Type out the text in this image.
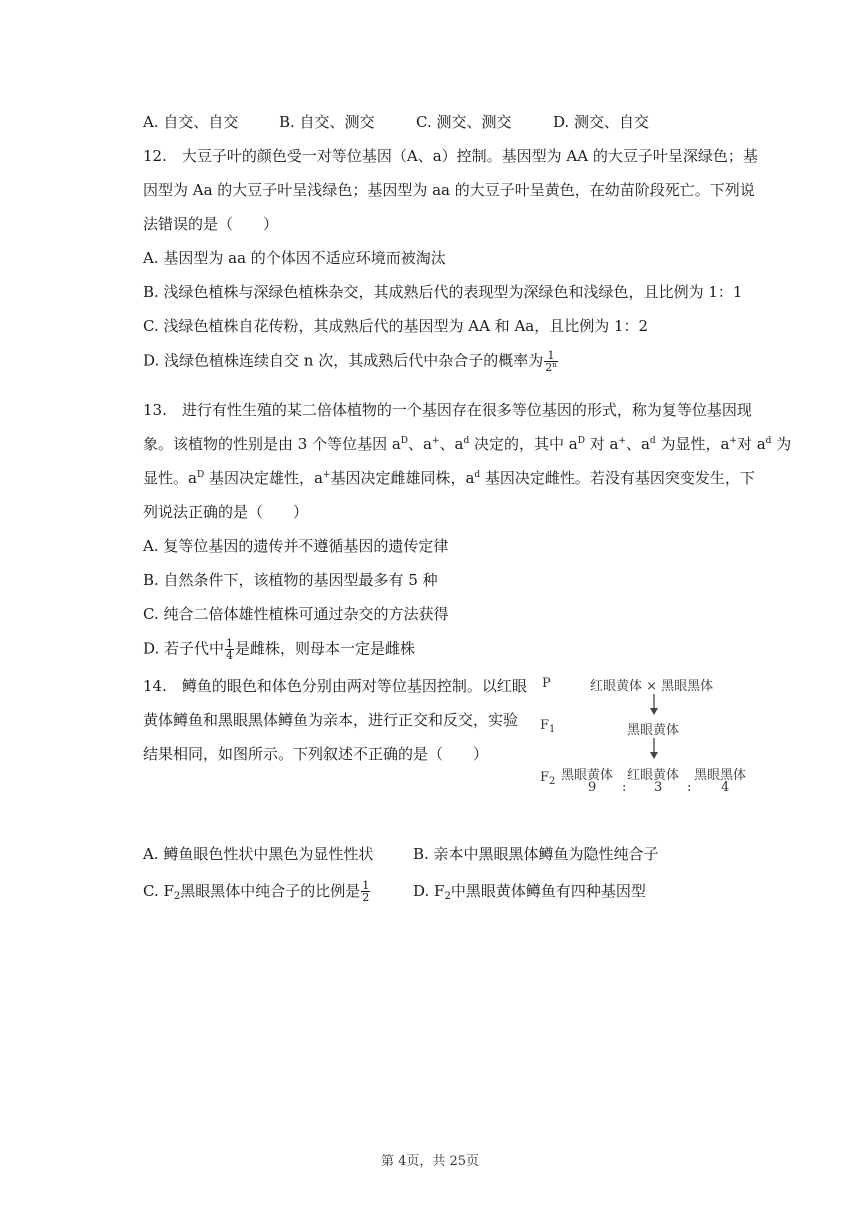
A. 自交、自交	B. 自交、测交	C. 测交、测交	D. 测交、自交
12.　大豆子叶的颜色受一对等位基因（A、a）控制。基因型为 AA 的大豆子叶呈深绿色；基
因型为 Aa 的大豆子叶呈浅绿色；基因型为 aa 的大豆子叶呈黄色，在幼苗阶段死亡。下列说
法错误的是（　　）
A. 基因型为 aa 的个体因不适应环境而被淘汰
B. 浅绿色植株与深绿色植株杂交，其成熟后代的表现型为深绿色和浅绿色，且比例为 1：1
C. 浅绿色植株自花传粉，其成熟后代的基因型为 AA 和 Aa，且比例为 1：2
D. 浅绿色植株连续自交 n 次，其成熟后代中杂合子的概率为 $\frac{1}{2^n}$
13.　进行有性生殖的某二倍体植物的一个基因存在很多等位基因的形式，称为复等位基因现
象。该植物的性别是由 3 个等位基因 $a^D$、a+、$a^d$ 决定的，其中 $a^D$ 对 a+、$a^d$ 为显性，a+对 $a^d$ 为
显性。$a^D$ 基因决定雄性，a+基因决定雌雄同株，$a^d$ 基因决定雌性。若没有基因突变发生，下
列说法正确的是（　　）
A. 复等位基因的遗传并不遵循基因的遗传定律
B. 自然条件下，该植物的基因型最多有 5 种
C. 纯合二倍体雄性植株可通过杂交的方法获得
D. 若子代中 $\frac{1}{4}$ 是雌株，则母本一定是雌株
14.　鳟鱼的眼色和体色分别由两对等位基因控制。以红眼
黄体鳟鱼和黑眼黑体鳟鱼为亲本，进行正交和反交，实验
结果相同，如图所示。下列叙述不正确的是（　　）
P	红眼黄体 × 黑眼黑体
$F_1$	黑眼黄体
$F_2$ 黑眼黄体 红眼黄体 黑眼黑体
9 : 3 : 4
A. 鳟鱼眼色性状中黑色为显性性状	B. 亲本中黑眼黑体鳟鱼为隐性纯合子
C. F2黑眼黑体中纯合子的比例是 $\frac{1}{2}$	D. F2中黑眼黄体鳟鱼有四种基因型
第 4页，共 25页
